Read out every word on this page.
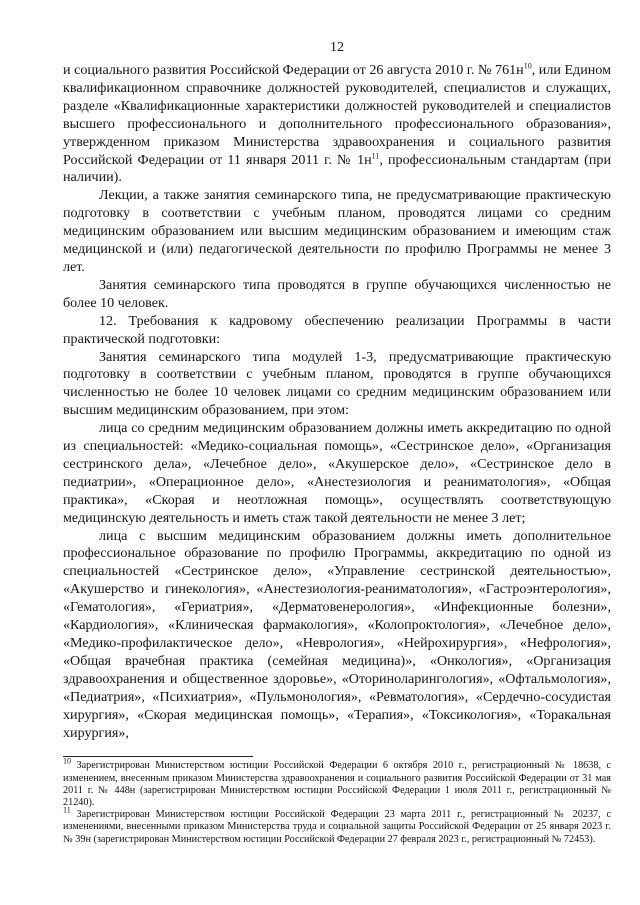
12

и социального развития Российской Федерации от 26 августа 2010 г. № $761н^{10}$, или Едином квалификационном справочнике должностей руководителей, специалистов и служащих, разделе «Квалификационные характеристики должностей руководителей и специалистов высшего профессионального и дополнительного профессионального образования», утвержденном приказом Министерства здравоохранения и социального развития Российской Федерации от 11 января 2011 г. № $1н^{11}$, профессиональным стандартам (при наличии).

Лекции, а также занятия семинарского типа, не предусматривающие практическую подготовку в соответствии с учебным планом, проводятся лицами со средним медицинским образованием или высшим медицинским образованием и имеющим стаж медицинской и (или) педагогической деятельности по профилю Программы не менее 3 лет.

Занятия семинарского типа проводятся в группе обучающихся численностью не более 10 человек.

12. Требования к кадровому обеспечению реализации Программы в части практической подготовки:

Занятия семинарского типа модулей 1-3, предусматривающие практическую подготовку в соответствии с учебным планом, проводятся в группе обучающихся численностью не более 10 человек лицами со средним медицинским образованием или высшим медицинским образованием, при этом:

лица со средним медицинским образованием должны иметь аккредитацию по одной из специальностей: «Медико-социальная помощь», «Сестринское дело», «Организация сестринского дела», «Лечебное дело», «Акушерское дело», «Сестринское дело в педиатрии», «Операционное дело», «Анестезиология и реаниматология», «Общая практика», «Скорая и неотложная помощь», осуществлять соответствующую медицинскую деятельность и иметь стаж такой деятельности не менее 3 лет;

лица с высшим медицинским образованием должны иметь дополнительное профессиональное образование по профилю Программы, аккредитацию по одной из специальностей «Сестринское дело», «Управление сестринской деятельностью», «Акушерство и гинекология», «Анестезиология-реаниматология», «Гастроэнтерология», «Гематология», «Гериатрия», «Дерматовенерология», «Инфекционные болезни», «Кардиология», «Клиническая фармакология», «Колопроктология», «Лечебное дело», «Медико-профилактическое дело», «Неврология», «Нейрохирургия», «Нефрология», «Общая врачебная практика (семейная медицина)», «Онкология», «Организация здравоохранения и общественное здоровье», «Оториноларингология», «Офтальмология», «Педиатрия», «Психиатрия», «Пульмонология», «Ревматология», «Сердечно-сосудистая хирургия», «Скорая медицинская помощь», «Терапия», «Токсикология», «Торакальная хирургия»,

$^{10}$ Зарегистрирован Министерством юстиции Российской Федерации 6 октября 2010 г., регистрационный № 18638, с изменением, внесенным приказом Министерства здравоохранения и социального развития Российской Федерации от 31 мая 2011 г. № 448н (зарегистрирован Министерством юстиции Российской Федерации 1 июля 2011 г., регистрационный № 21240).

$^{11}$ Зарегистрирован Министерством юстиции Российской Федерации 23 марта 2011 г., регистрационный № 20237, с изменениями, внесенными приказом Министерства труда и социальной защиты Российской Федерации от 25 января 2023 г. № 39н (зарегистрирован Министерством юстиции Российской Федерации 27 февраля 2023 г., регистрационный № 72453).
